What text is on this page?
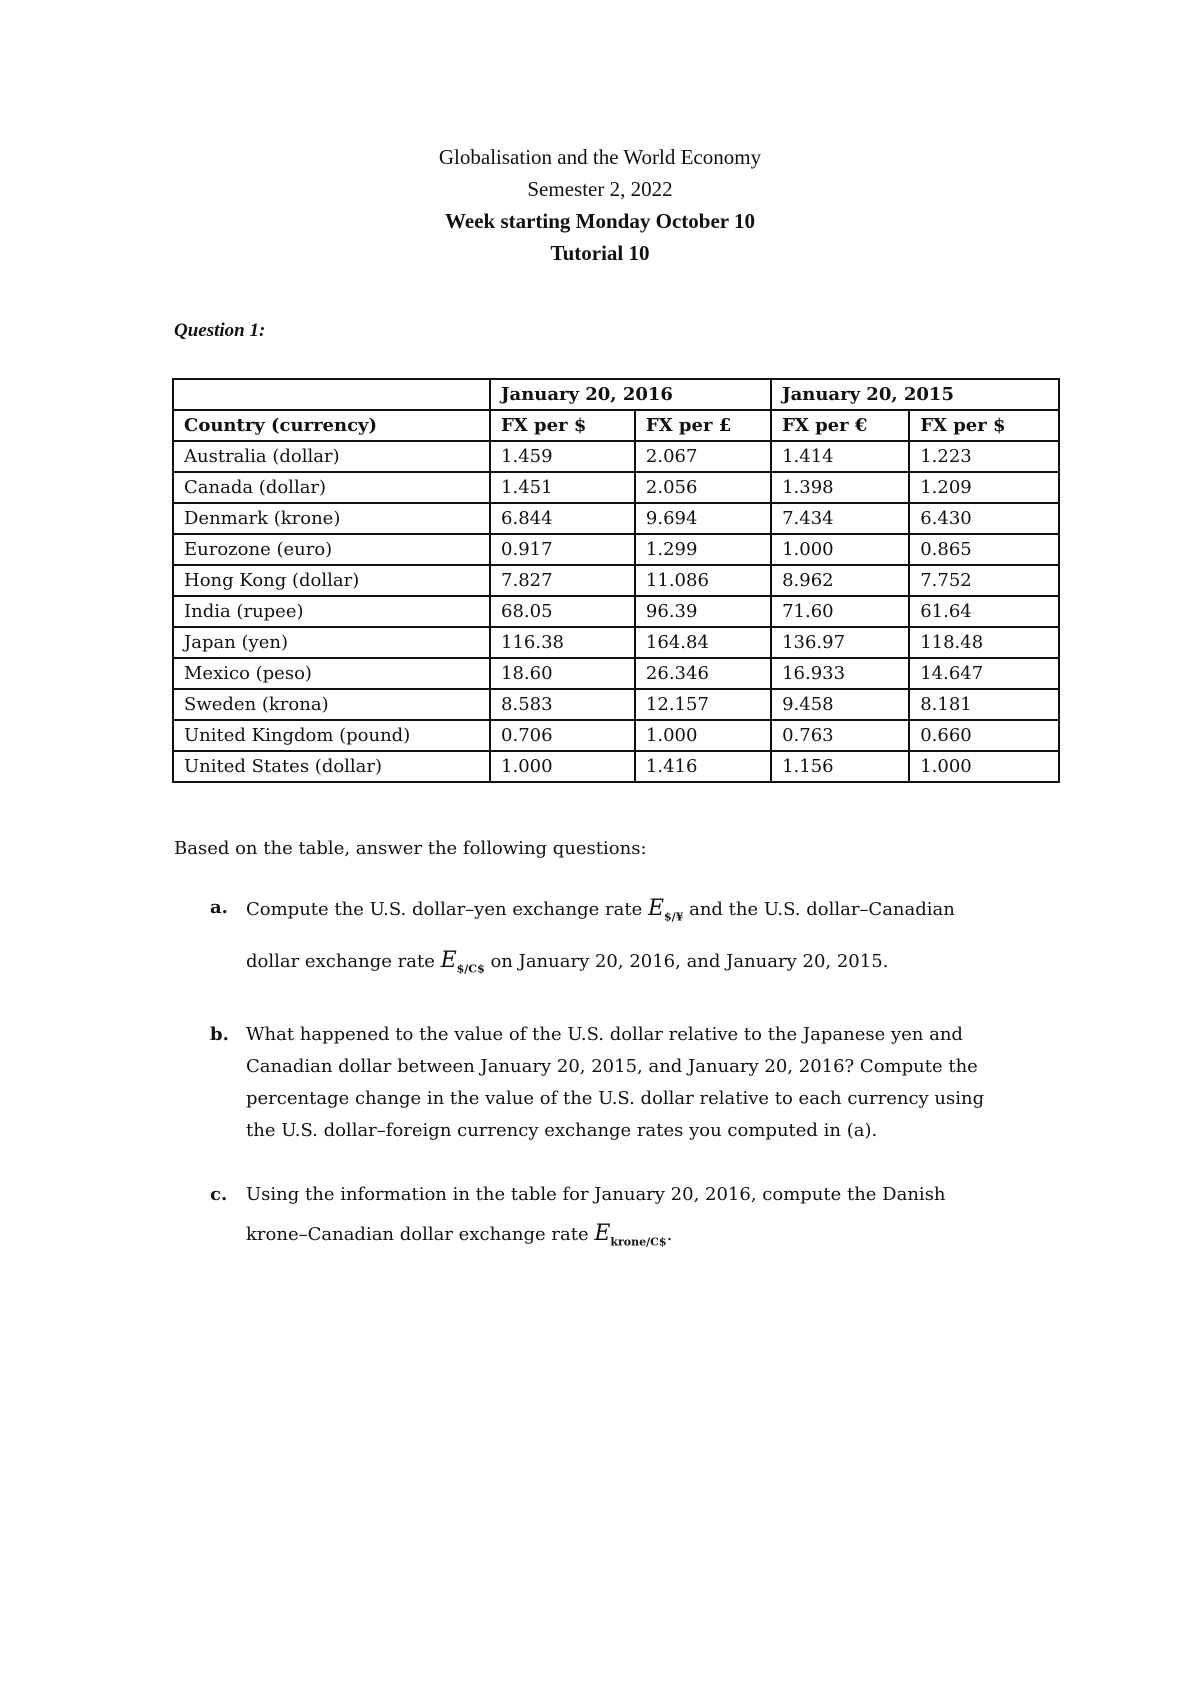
Globalisation and the World Economy
Semester 2, 2022
Week starting Monday October 10
Tutorial 10
Question 1:
	January 20, 2016		January 20, 2015	
Country (currency)	FX per $	FX per £	FX per €	FX per $
Australia (dollar)	1.459	2.067	1.414	1.223
Canada (dollar)	1.451	2.056	1.398	1.209
Denmark (krone)	6.844	9.694	7.434	6.430
Eurozone (euro)	0.917	1.299	1.000	0.865
Hong Kong (dollar)	7.827	11.086	8.962	7.752
India (rupee)	68.05	96.39	71.60	61.64
Japan (yen)	116.38	164.84	136.97	118.48
Mexico (peso)	18.60	26.346	16.933	14.647
Sweden (krona)	8.583	12.157	9.458	8.181
United Kingdom (pound)	0.706	1.000	0.763	0.660
United States (dollar)	1.000	1.416	1.156	1.000
Based on the table, answer the following questions:
a. Compute the U.S. dollar–yen exchange rate $E_{\$/¥}$ and the U.S. dollar–Canadian
dollar exchange rate $E_{\$/C\$}$ on January 20, 2016, and January 20, 2015.
b. What happened to the value of the U.S. dollar relative to the Japanese yen and
Canadian dollar between January 20, 2015, and January 20, 2016? Compute the
percentage change in the value of the U.S. dollar relative to each currency using
the U.S. dollar–foreign currency exchange rates you computed in (a).
c. Using the information in the table for January 20, 2016, compute the Danish
krone–Canadian dollar exchange rate $E_{krone/C\$}$.
